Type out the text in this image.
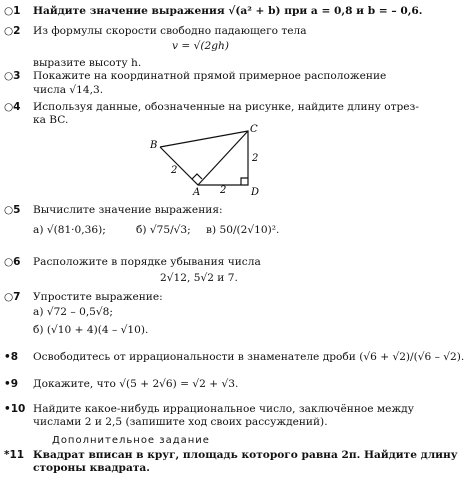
○1 Найдите значение выражения √(a² + b) при a = 0,8 и b = – 0,6.
○2 Из формулы скорости свободно падающего тела
v = √(2gh)
выразите высоту h.
○3 Покажите на координатной прямой примерное расположение
числа √14,3.
○4 Используя данные, обозначенные на рисунке, найдите длину отрез-
ка BC.
B
C
A	D
2
2
2
○5 Вычислите значение выражения:
а) √(81·0,36);	б) √75/√3; в) 50/(2√10)².
○6 Расположите в порядке убывания числа
2√12, 5√2 и 7.
○7 Упростите выражение:
а) √72 – 0,5√8;
б) (√10 + 4)(4 – √10).
•8 Освободитесь от иррациональности в знаменателе дроби (√6 + √2)/(√6 – √2).
•9 Докажите, что √(5 + 2√6) = √2 + √3.
•10 Найдите какое-нибудь иррациональное число, заключённое между
числами 2 и 2,5 (запишите ход своих рассуждений).
Дополнительное задание
*11 Квадрат вписан в круг, площадь которого равна 2π. Найдите длину
стороны квадрата.
